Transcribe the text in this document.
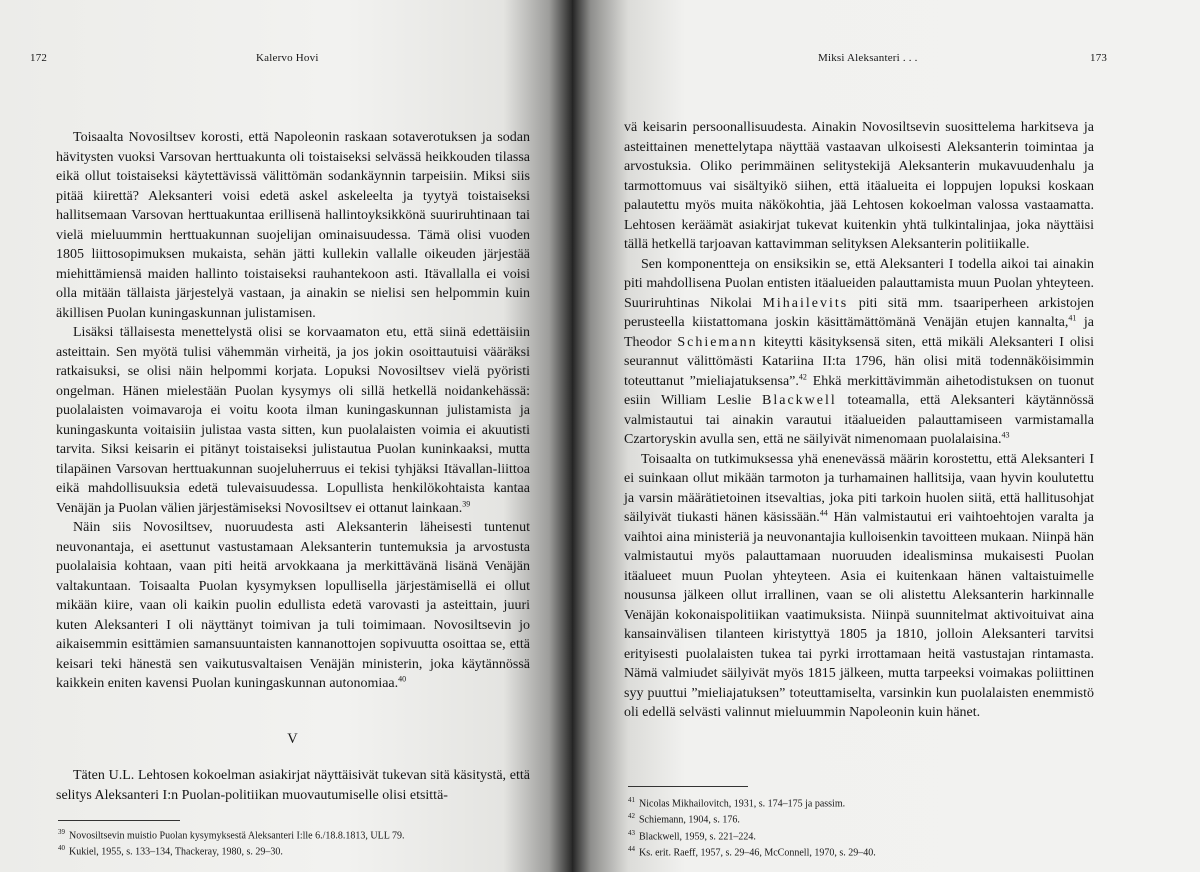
172	Kalervo Hovi

Toisaalta Novosiltsev korosti, että Napoleonin raskaan sotaverotuksen ja sodan hävitysten vuoksi Varsovan herttuakunta oli toistaiseksi selvässä heikkouden tilassa eikä ollut toistaiseksi käytettävissä välittömän sodankäynnin tarpeisiin. Miksi siis pitää kiirettä? Aleksanteri voisi edetä askel askeleelta ja tyytyä toistaiseksi hallitsemaan Varsovan herttuakuntaa erillisenä hallintoyksikkönä suuriruhtinaan tai vielä mieluummin herttuakunnan suojelijan ominaisuudessa. Tämä olisi vuoden 1805 liittosopimuksen mukaista, sehän jätti kullekin vallalle oikeuden järjestää miehittämiensä maiden hallinto toistaiseksi rauhantekoon asti. Itävallalla ei voisi olla mitään tällaista järjestelyä vastaan, ja ainakin se nielisi sen helpommin kuin äkillisen Puolan kuningaskunnan julistamisen.

Lisäksi tällaisesta menettelystä olisi se korvaamaton etu, että siinä edettäisiin asteittain. Sen myötä tulisi vähemmän virheitä, ja jos jokin osoittautuisi vääräksi ratkaisuksi, se olisi näin helpommi korjata. Lopuksi Novosiltsev vielä pyöristi ongelman. Hänen mielestään Puolan kysymys oli sillä hetkellä noidankehässä: puolalaisten voimavaroja ei voitu koota ilman kuningaskunnan julistamista ja kuningaskunta voitaisiin julistaa vasta sitten, kun puolalaisten voimia ei akuutisti tarvita. Siksi keisarin ei pitänyt toistaiseksi julistautua Puolan kuninkaaksi, mutta tilapäinen Varsovan herttuakunnan suojeluherruus ei tekisi tyhjäksi Itävallan-liittoa eikä mahdollisuuksia edetä tulevaisuudessa. Lopullista henkilökohtaista kantaa Venäjän ja Puolan välien järjestämiseksi Novosiltsev ei ottanut lainkaan.$^{39}$

Näin siis Novosiltsev, nuoruudesta asti Aleksanterin läheisesti tuntenut neuvonantaja, ei asettunut vastustamaan Aleksanterin tuntemuksia ja arvostusta puolalaisia kohtaan, vaan piti heitä arvokkaana ja merkittävänä lisänä Venäjän valtakuntaan. Toisaalta Puolan kysymyksen lopullisella järjestämisellä ei ollut mikään kiire, vaan oli kaikin puolin edullista edetä varovasti ja asteittain, juuri kuten Aleksanteri I oli näyttänyt toimivan ja tuli toimimaan. Novosiltsevin jo aikaisemmin esittämien samansuuntaisten kannanottojen sopivuutta osoittaa se, että keisari teki hänestä sen vaikutusvaltaisen Venäjän ministerin, joka käytännössä kaikkein eniten kavensi Puolan kuningaskunnan autonomiaa.$^{40}$

V

Täten U.L. Lehtosen kokoelman asiakirjat näyttäisivät tukevan sitä käsitystä, että selitys Aleksanteri I:n Puolan-politiikan muovautumiselle olisi etsittä-

$^{39}$ Novosiltsevin muistio Puolan kysymyksestä Aleksanteri I:lle 6./18.8.1813, ULL 79.
$^{40}$ Kukiel, 1955, s. 133–134, Thackeray, 1980, s. 29–30.
Miksi Aleksanteri . . .	173

vä keisarin persoonallisuudesta. Ainakin Novosiltsevin suosittelema harkitseva ja asteittainen menettelytapa näyttää vastaavan ulkoisesti Aleksanterin toimintaa ja arvostuksia. Oliko perimmäinen selitystekijä Aleksanterin mukavuudenhalu ja tarmottomuus vai sisältyikö siihen, että itäalueita ei loppujen lopuksi koskaan palautettu myös muita näkökohtia, jää Lehtosen kokoelman valossa vastaamatta. Lehtosen keräämät asiakirjat tukevat kuitenkin yhtä tulkintalinjaa, joka näyttäisi tällä hetkellä tarjoavan kattavimman selityksen Aleksanterin politiikalle.

Sen komponentteja on ensiksikin se, että Aleksanteri I todella aikoi tai ainakin piti mahdollisena Puolan entisten itäalueiden palauttamista muun Puolan yhteyteen. Suuriruhtinas Nikolai Mihailevits piti sitä mm. tsaariperheen arkistojen perusteella kiistattomana joskin käsittämättömänä Venäjän etujen kannalta,$^{41}$ ja Theodor Schiemann kiteytti käsityksensä siten, että mikäli Aleksanteri I olisi seurannut välittömästi Katariina II:ta 1796, hän olisi mitä todennäköisimmin toteuttanut ”mieliajatuksensa”.$^{42}$ Ehkä merkittävimmän aihetodistuksen on tuonut esiin William Leslie Blackwell toteamalla, että Aleksanteri käytännössä valmistautui tai ainakin varautui itäalueiden palauttamiseen varmistamalla Czartoryskin avulla sen, että ne säilyivät nimenomaan puolalaisina.$^{43}$

Toisaalta on tutkimuksessa yhä enenevässä määrin korostettu, että Aleksanteri I ei suinkaan ollut mikään tarmoton ja turhamainen hallitsija, vaan hyvin koulutettu ja varsin määrätietoinen itsevaltias, joka piti tarkoin huolen siitä, että hallitusohjat säilyivät tiukasti hänen käsissään.$^{44}$ Hän valmistautui eri vaihtoehtojen varalta ja vaihtoi aina ministeriä ja neuvonantajia kulloisenkin tavoitteen mukaan. Niinpä hän valmistautui myös palauttamaan nuoruuden idealisminsa mukaisesti Puolan itäalueet muun Puolan yhteyteen. Asia ei kuitenkaan hänen valtaistuimelle nousunsa jälkeen ollut irrallinen, vaan se oli alistettu Aleksanterin harkinnalle Venäjän kokonaispolitiikan vaatimuksista. Niinpä suunnitelmat aktivoituivat aina kansainvälisen tilanteen kiristyttyä 1805 ja 1810, jolloin Aleksanteri tarvitsi erityisesti puolalaisten tukea tai pyrki irrottamaan heitä vastustajan rintamasta. Nämä valmiudet säilyivät myös 1815 jälkeen, mutta tarpeeksi voimakas poliittinen syy puuttui ”mieliajatuksen” toteuttamiselta, varsinkin kun puolalaisten enemmistö oli edellä selvästi valinnut mieluummin Napoleonin kuin hänet.

$^{41}$ Nicolas Mikhailovitch, 1931, s. 174–175 ja passim.
$^{42}$ Schiemann, 1904, s. 176.
$^{43}$ Blackwell, 1959, s. 221–224.
$^{44}$ Ks. erit. Raeff, 1957, s. 29–46, McConnell, 1970, s. 29–40.
